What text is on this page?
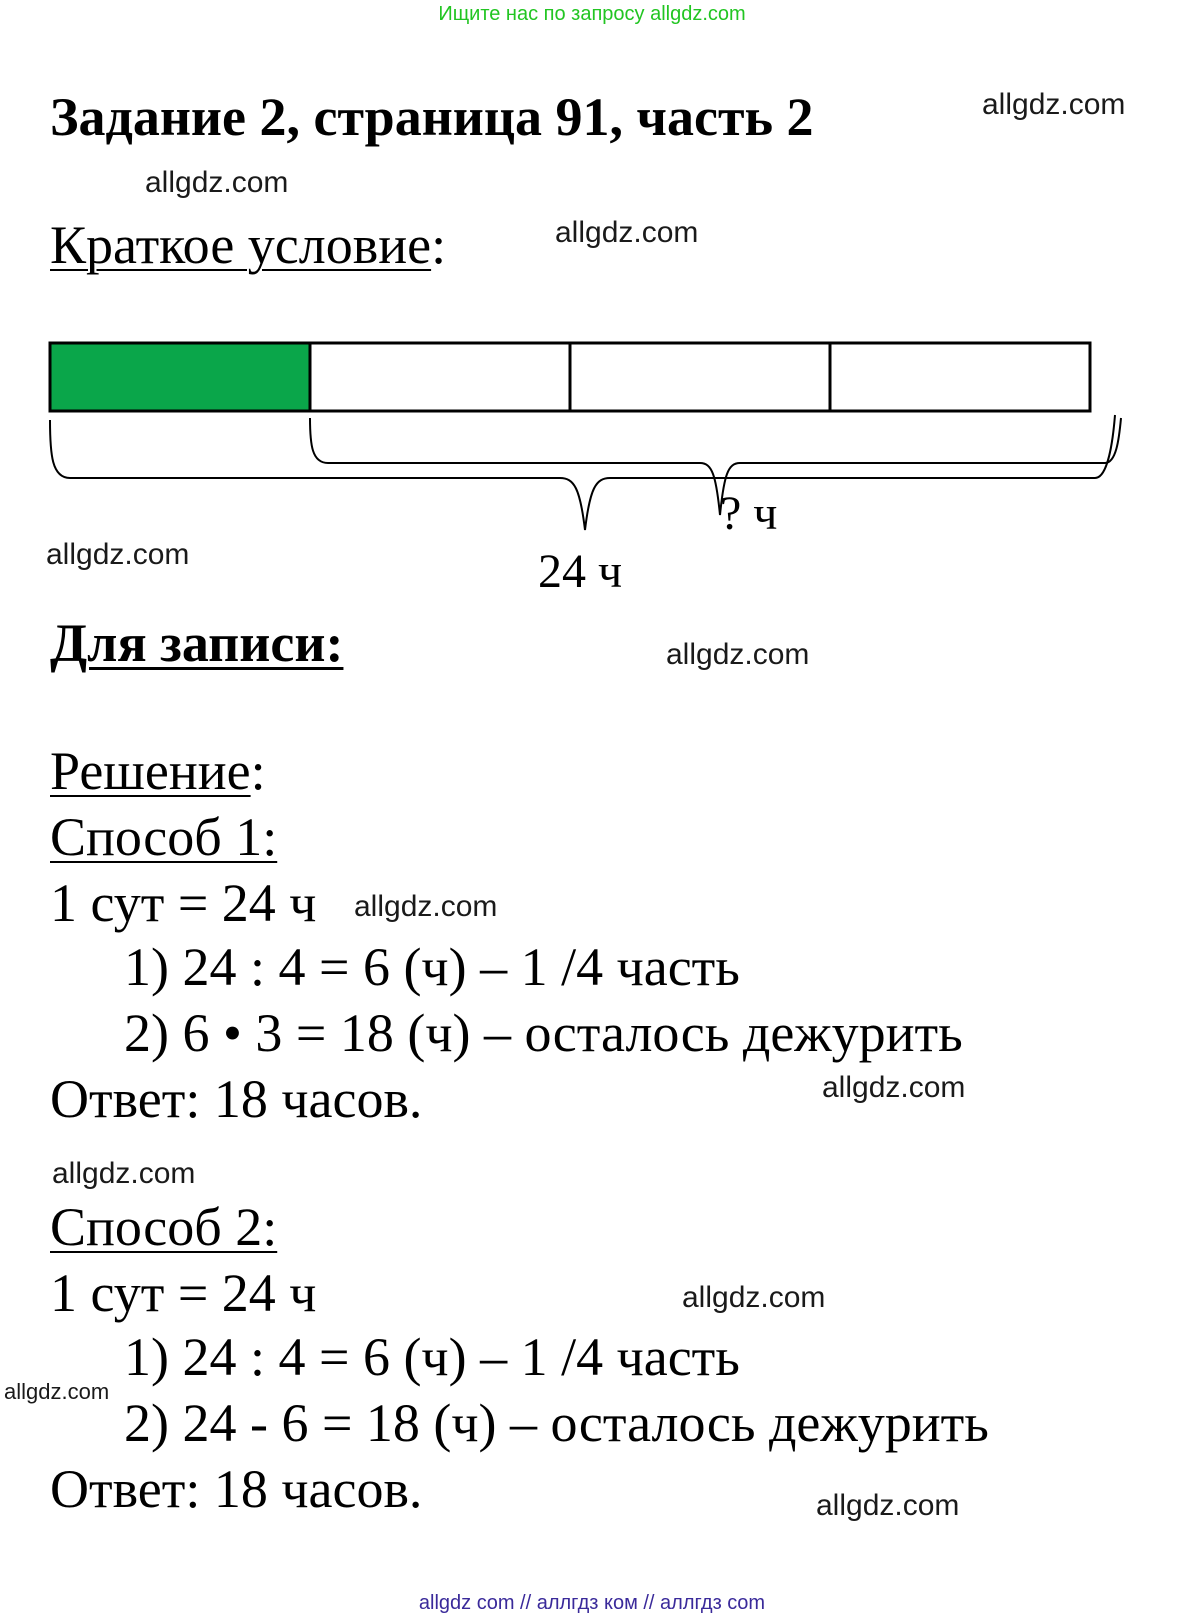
Ищите нас по запросу allgdz.com
Задание 2, страница 91, часть 2	allgdz.com
allgdz.com
allgdz.com
allgdz.com
allgdz.com
allgdz.com
allgdz.com
allgdz.com
allgdz.com
allgdz.com
allgdz.com
Краткое условие:
24 ч
? ч
Для записи:
Решение:
Способ 1:
1 сут = 24 ч
1) 24 : 4 = 6 (ч) – 1 /4 часть
2) 6 • 3 = 18 (ч) – осталось дежурить
Ответ: 18 часов.
Способ 2:
1 сут = 24 ч
1) 24 : 4 = 6 (ч) – 1 /4 часть
2) 24 - 6 = 18 (ч) – осталось дежурить
Ответ: 18 часов.
allgdz com // аллгдз ком // аллгдз com
